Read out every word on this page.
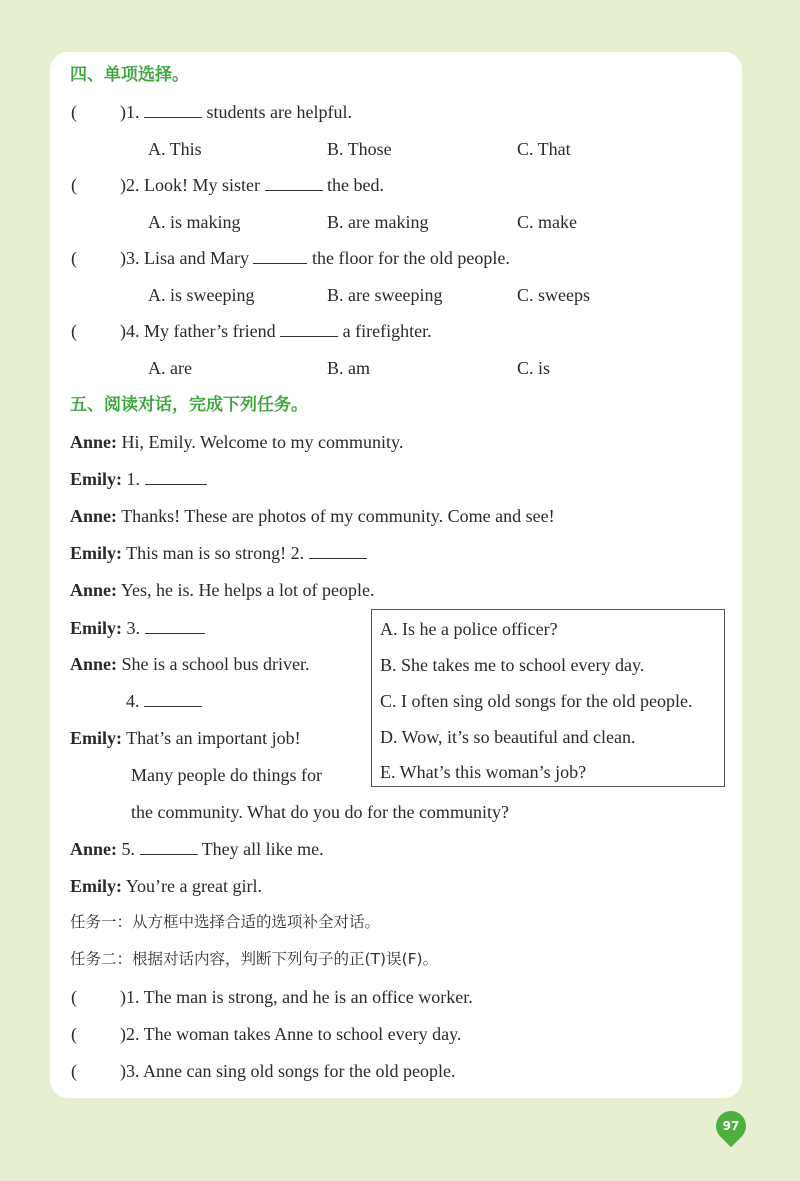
四、单项选择。
( )1.	students are helpful.
A. This	B. Those	C. That
( )2. Look! My sister	the bed.
A. is making	B. are making	C. make
( )3. Lisa and Mary	the floor for the old people.
A. is sweeping	B. are sweeping	C. sweeps
( )4. My father’s friend	a firefighter.
A. are	B. am	C. is
五、阅读对话，完成下列任务。
Anne: Hi, Emily. Welcome to my community.
Emily: 1.
Anne: Thanks! These are photos of my community. Come and see!
Emily: This man is so strong! 2.
Anne: Yes, he is. He helps a lot of people.
Emily: 3.
Anne: She is a school bus driver.
4.
Emily: That’s an important job!
Many people do things for
the community. What do you do for the community?
Anne: 5.	They all like me.
Emily: You’re a great girl.
A. Is he a police officer?
B. She takes me to school every day.
C. I often sing old songs for the old people.
D. Wow, it’s so beautiful and clean.
E. What’s this woman’s job?
任务一：从方框中选择合适的选项补全对话。
任务二：根据对话内容，判断下列句子的正(T)误(F)。
( )1. The man is strong, and he is an office worker.
( )2. The woman takes Anne to school every day.
( )3. Anne can sing old songs for the old people.
97
